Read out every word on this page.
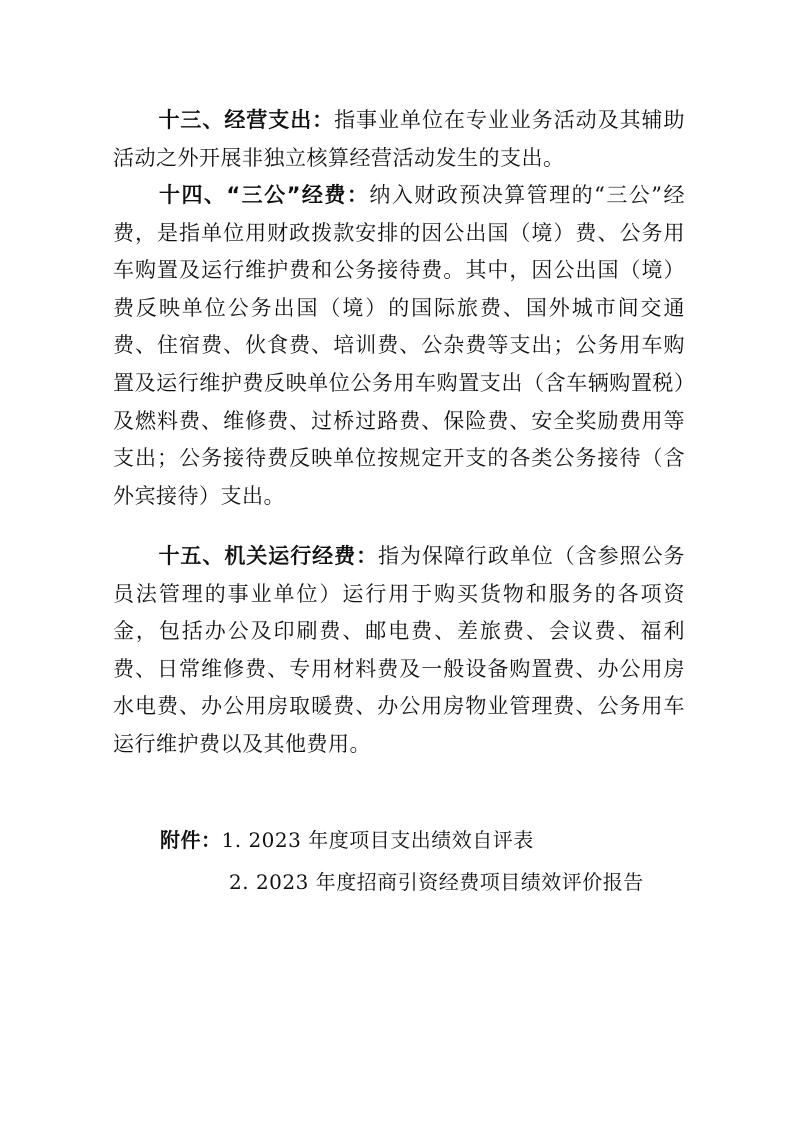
十三、经营支出：指事业单位在专业业务活动及其辅助活动之外开展非独立核算经营活动发生的支出。

十四、“三公”经费：纳入财政预决算管理的“三公”经费，是指单位用财政拨款安排的因公出国（境）费、公务用车购置及运行维护费和公务接待费。其中，因公出国（境）费反映单位公务出国（境）的国际旅费、国外城市间交通费、住宿费、伙食费、培训费、公杂费等支出；公务用车购置及运行维护费反映单位公务用车购置支出（含车辆购置税）及燃料费、维修费、过桥过路费、保险费、安全奖励费用等支出；公务接待费反映单位按规定开支的各类公务接待（含外宾接待）支出。

十五、机关运行经费：指为保障行政单位（含参照公务员法管理的事业单位）运行用于购买货物和服务的各项资金，包括办公及印刷费、邮电费、差旅费、会议费、福利费、日常维修费、专用材料费及一般设备购置费、办公用房水电费、办公用房取暖费、办公用房物业管理费、公务用车运行维护费以及其他费用。

附件：1. 2023 年度项目支出绩效自评表

2. 2023 年度招商引资经费项目绩效评价报告
